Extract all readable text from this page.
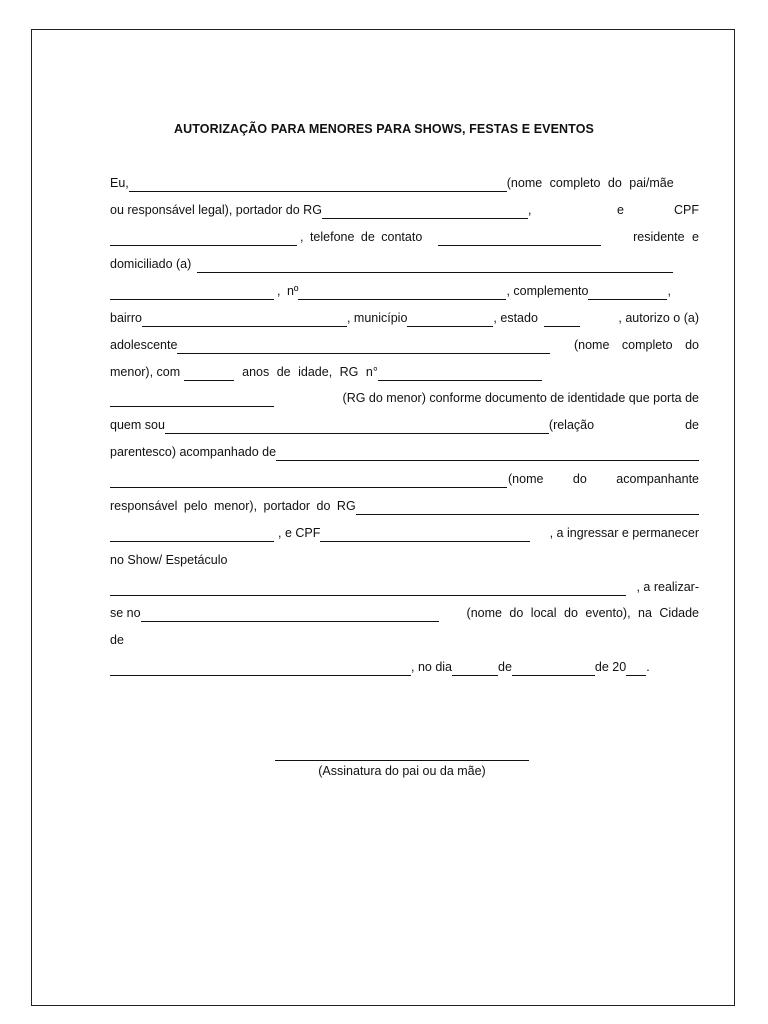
AUTORIZAÇÃO PARA MENORES PARA SHOWS, FESTAS E EVENTOS
Eu,	(nome completo do pai/mãe
ou responsável legal), portador do RG	,	e	CPF
, telefone de contato	residente e
domiciliado (a)
, nº	, complemento	,
bairro	, município	, estado	, autorizo o (a)
adolescente	(nome completo do
menor), com	anos de idade, RG n°
(RG do menor) conforme documento de identidade que porta de
quem sou	(relação	de
parentesco) acompanhado de
(nome do acompanhante
responsável pelo menor), portador do RG
, e CPF	, a ingressar e permanecer
no Show/ Espetáculo
, a realizar-
se no	(nome do local do evento), na Cidade
de
, no dia	de	de 20 .
(Assinatura do pai ou da mãe)
